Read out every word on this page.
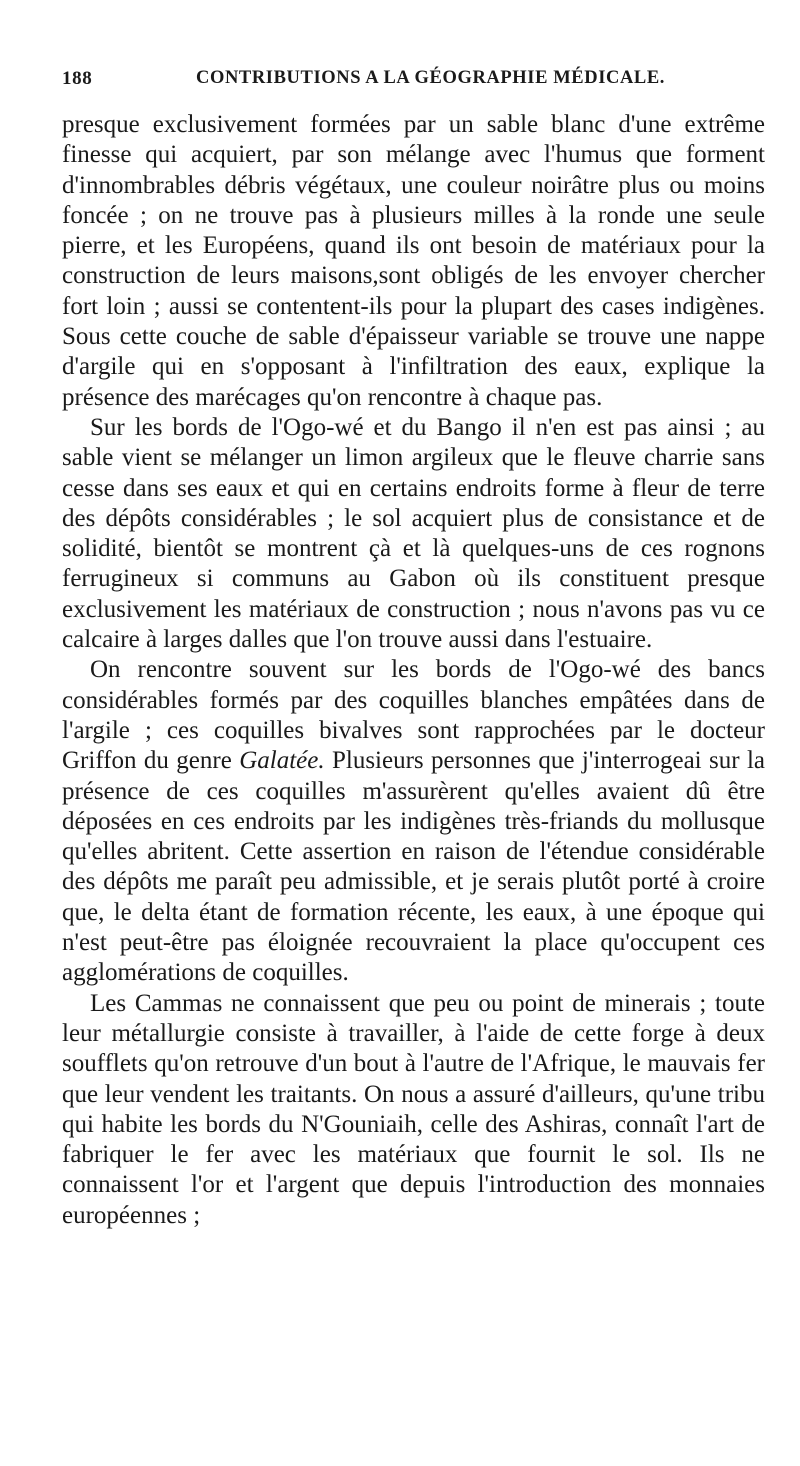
188	CONTRIBUTIONS A LA GÉOGRAPHIE MÉDICALE.

presque exclusivement formées par un sable blanc d'une extrême finesse qui acquiert, par son mélange avec l'humus que forment d'innombrables débris végétaux, une couleur noirâtre plus ou moins foncée ; on ne trouve pas à plusieurs milles à la ronde une seule pierre, et les Européens, quand ils ont besoin de matériaux pour la construction de leurs maisons,sont obligés de les envoyer chercher fort loin ; aussi se contentent-ils pour la plupart des cases indigènes. Sous cette couche de sable d'épaisseur variable se trouve une nappe d'argile qui en s'opposant à l'infiltration des eaux, explique la présence des marécages qu'on rencontre à chaque pas.

Sur les bords de l'Ogo-wé et du Bango il n'en est pas ainsi ; au sable vient se mélanger un limon argileux que le fleuve charrie sans cesse dans ses eaux et qui en certains endroits forme à fleur de terre des dépôts considérables ; le sol acquiert plus de consistance et de solidité, bientôt se montrent çà et là quelques-uns de ces rognons ferrugineux si communs au Gabon où ils constituent presque exclusivement les matériaux de construction ; nous n'avons pas vu ce calcaire à larges dalles que l'on trouve aussi dans l'estuaire.

On rencontre souvent sur les bords de l'Ogo-wé des bancs considérables formés par des coquilles blanches empâtées dans de l'argile ; ces coquilles bivalves sont rapprochées par le docteur Griffon du genre Galatée. Plusieurs personnes que j'interrogeai sur la présence de ces coquilles m'assurèrent qu'elles avaient dû être déposées en ces endroits par les indigènes très-friands du mollusque qu'elles abritent. Cette assertion en raison de l'étendue considérable des dépôts me paraît peu admissible, et je serais plutôt porté à croire que, le delta étant de formation récente, les eaux, à une époque qui n'est peut-être pas éloignée recouvraient la place qu'occupent ces agglomérations de coquilles.

Les Cammas ne connaissent que peu ou point de minerais ; toute leur métallurgie consiste à travailler, à l'aide de cette forge à deux soufflets qu'on retrouve d'un bout à l'autre de l'Afrique, le mauvais fer que leur vendent les traitants. On nous a assuré d'ailleurs, qu'une tribu qui habite les bords du N'Gouniaih, celle des Ashiras, connaît l'art de fabriquer le fer avec les matériaux que fournit le sol. Ils ne connaissent l'or et l'argent que depuis l'introduction des monnaies européennes ;
